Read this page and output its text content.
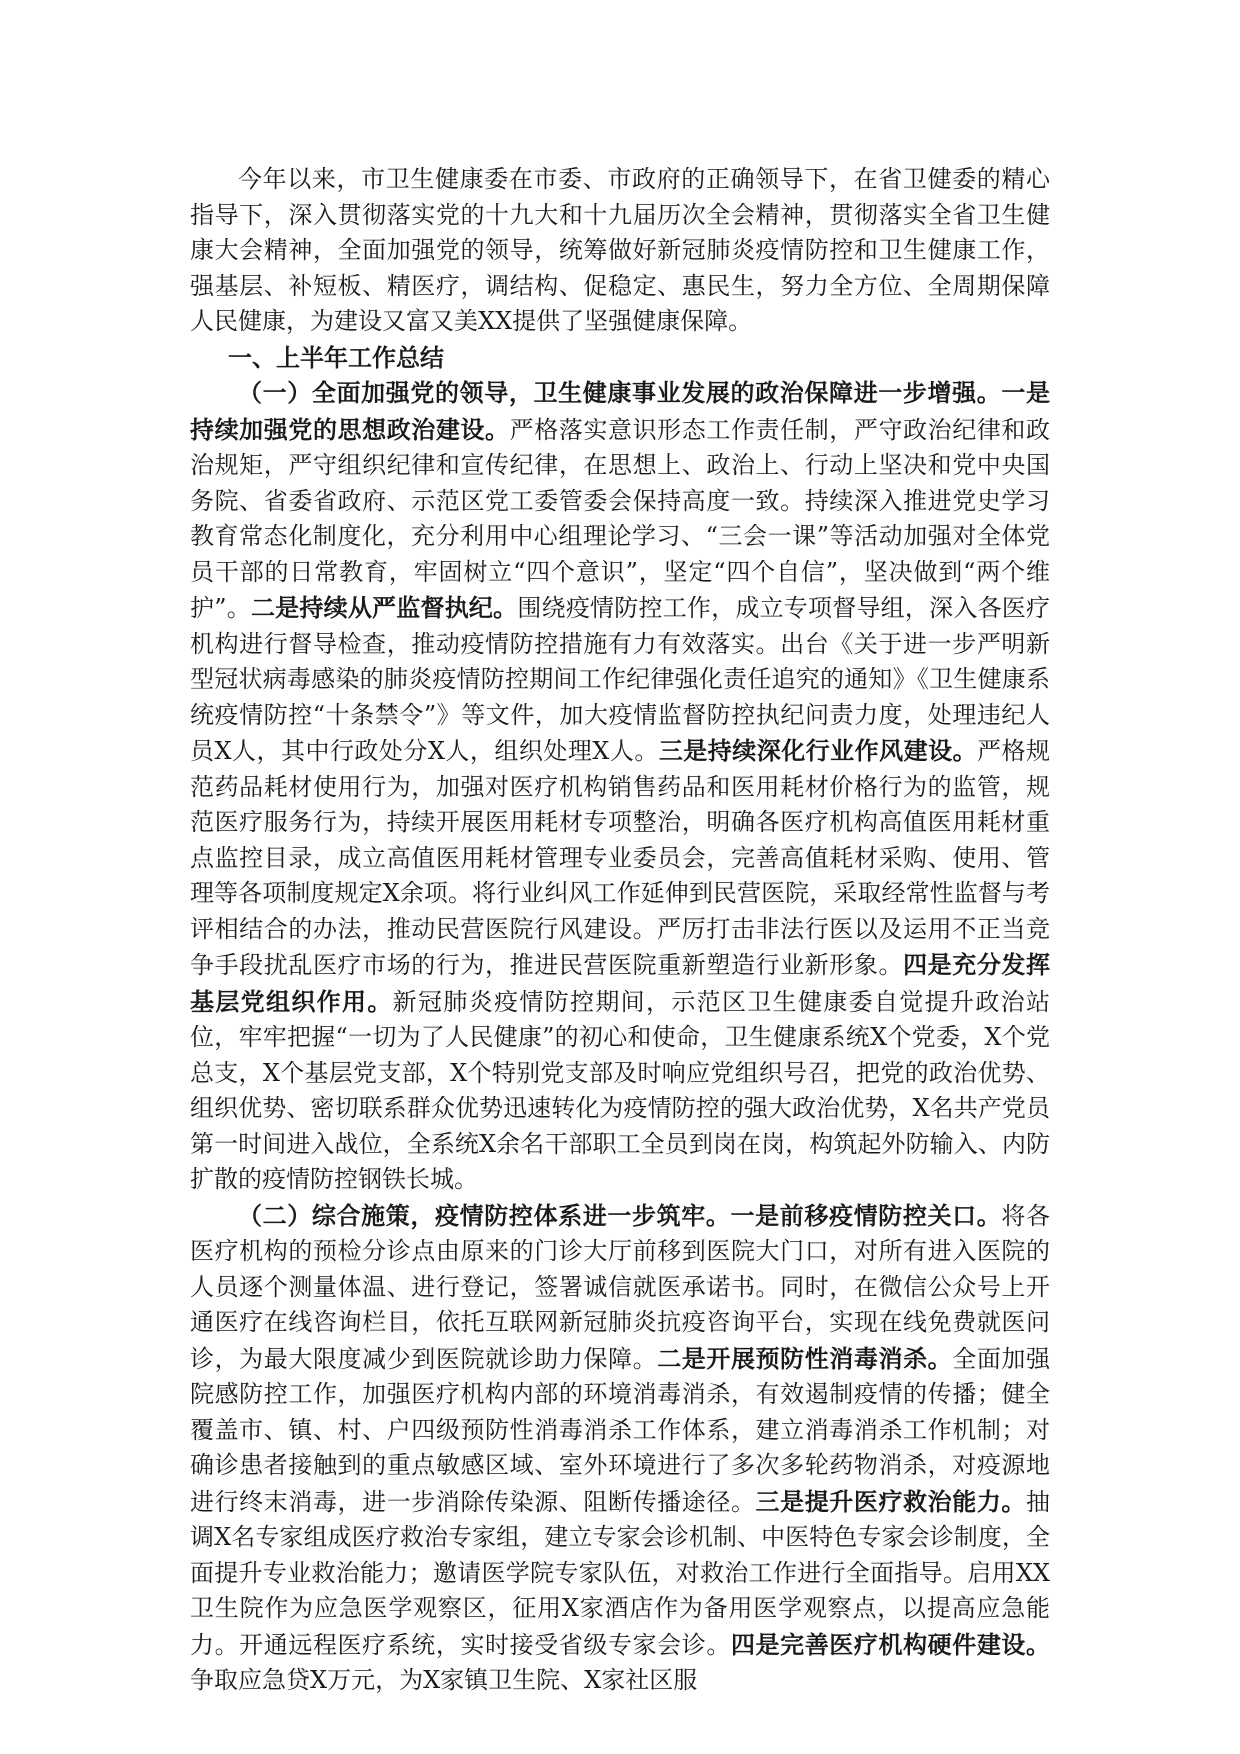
今年以来，市卫生健康委在市委、市政府的正确领导下，在省卫健委的精心指导下，深入贯彻落实党的十九大和十九届历次全会精神，贯彻落实全省卫生健康大会精神，全面加强党的领导，统筹做好新冠肺炎疫情防控和卫生健康工作，强基层、补短板、精医疗，调结构、促稳定、惠民生，努力全方位、全周期保障人民健康，为建设又富又美XX提供了坚强健康保障。

一、上半年工作总结

（一）全面加强党的领导，卫生健康事业发展的政治保障进一步增强。一是持续加强党的思想政治建设。严格落实意识形态工作责任制，严守政治纪律和政治规矩，严守组织纪律和宣传纪律，在思想上、政治上、行动上坚决和党中央国务院、省委省政府、示范区党工委管委会保持高度一致。持续深入推进党史学习教育常态化制度化，充分利用中心组理论学习、“三会一课”等活动加强对全体党员干部的日常教育，牢固树立“四个意识”，坚定“四个自信”，坚决做到“两个维护”。二是持续从严监督执纪。围绕疫情防控工作，成立专项督导组，深入各医疗机构进行督导检查，推动疫情防控措施有力有效落实。出台《关于进一步严明新型冠状病毒感染的肺炎疫情防控期间工作纪律强化责任追究的通知》《卫生健康系统疫情防控“十条禁令”》等文件，加大疫情监督防控执纪问责力度，处理违纪人员X人，其中行政处分X人，组织处理X人。三是持续深化行业作风建设。严格规范药品耗材使用行为，加强对医疗机构销售药品和医用耗材价格行为的监管，规范医疗服务行为，持续开展医用耗材专项整治，明确各医疗机构高值医用耗材重点监控目录，成立高值医用耗材管理专业委员会，完善高值耗材采购、使用、管理等各项制度规定X余项。将行业纠风工作延伸到民营医院，采取经常性监督与考评相结合的办法，推动民营医院行风建设。严厉打击非法行医以及运用不正当竞争手段扰乱医疗市场的行为，推进民营医院重新塑造行业新形象。四是充分发挥基层党组织作用。新冠肺炎疫情防控期间，示范区卫生健康委自觉提升政治站位，牢牢把握“一切为了人民健康”的初心和使命，卫生健康系统X个党委，X个党总支，X个基层党支部，X个特别党支部及时响应党组织号召，把党的政治优势、组织优势、密切联系群众优势迅速转化为疫情防控的强大政治优势，X名共产党员第一时间进入战位，全系统X余名干部职工全员到岗在岗，构筑起外防输入、内防扩散的疫情防控钢铁长城。

（二）综合施策，疫情防控体系进一步筑牢。一是前移疫情防控关口。将各医疗机构的预检分诊点由原来的门诊大厅前移到医院大门口，对所有进入医院的人员逐个测量体温、进行登记，签署诚信就医承诺书。同时，在微信公众号上开通医疗在线咨询栏目，依托互联网新冠肺炎抗疫咨询平台，实现在线免费就医问诊，为最大限度减少到医院就诊助力保障。二是开展预防性消毒消杀。全面加强院感防控工作，加强医疗机构内部的环境消毒消杀，有效遏制疫情的传播；健全覆盖市、镇、村、户四级预防性消毒消杀工作体系，建立消毒消杀工作机制；对确诊患者接触到的重点敏感区域、室外环境进行了多次多轮药物消杀，对疫源地进行终末消毒，进一步消除传染源、阻断传播途径。三是提升医疗救治能力。抽调X名专家组成医疗救治专家组，建立专家会诊机制、中医特色专家会诊制度，全面提升专业救治能力；邀请医学院专家队伍，对救治工作进行全面指导。启用XX卫生院作为应急医学观察区，征用X家酒店作为备用医学观察点，以提高应急能力。开通远程医疗系统，实时接受省级专家会诊。四是完善医疗机构硬件建设。争取应急贷X万元，为X家镇卫生院、X家社区服
